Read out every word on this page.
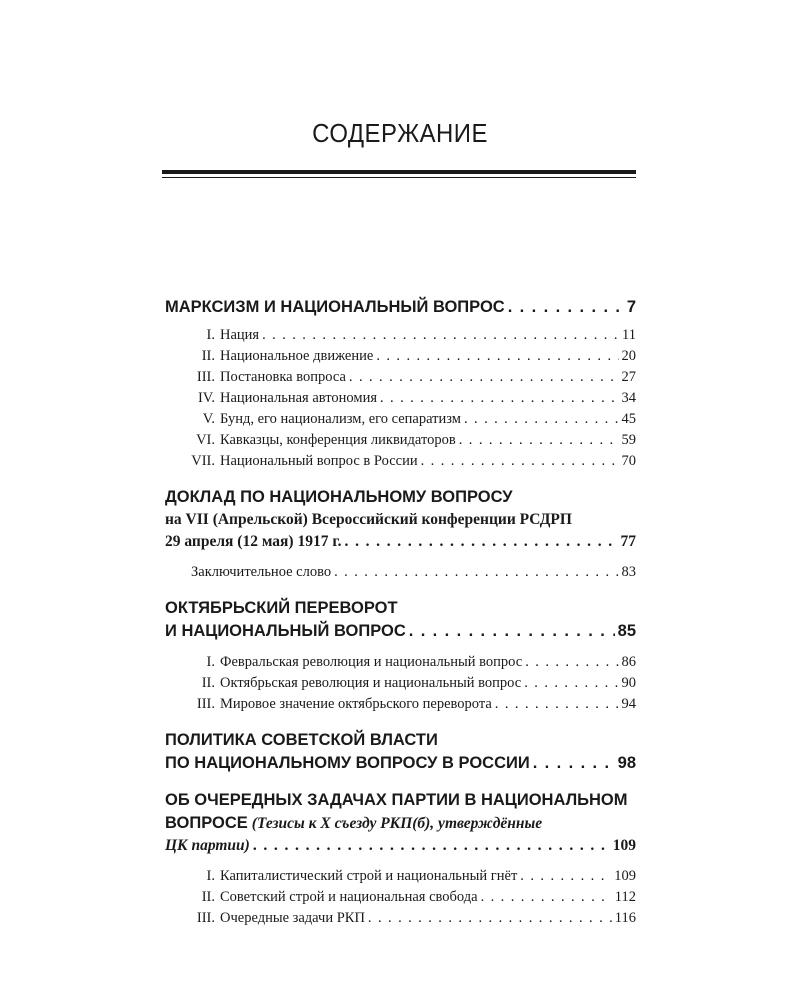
СОДЕРЖАНИЕ
МАРКСИЗМ И НАЦИОНАЛЬНЫЙ ВОПРОС . . .	7
I. Нация . . .	11
II. Национальное движение . . .	20
III. Постановка вопроса . . .	27
IV. Национальная автономия . . .	34
V. Бунд, его национализм, его сепаратизм . . .	45
VI. Кавказцы, конференция ликвидаторов . . .	59
VII. Национальный вопрос в России . . .	70
ДОКЛАД ПО НАЦИОНАЛЬНОМУ ВОПРОСУ
на VII (Апрельской) Всероссийский конференции РСДРП
29 апреля (12 мая) 1917 г. . . .	77
Заключительное слово . . .	83
ОКТЯБРЬСКИЙ ПЕРЕВОРОТ
И НАЦИОНАЛЬНЫЙ ВОПРОС . . .	85
I. Февральская революция и национальный вопрос . . .	86
II. Октябрьская революция и национальный вопрос . . .	90
III. Мировое значение октябрьского переворота . . .	94
ПОЛИТИКА СОВЕТСКОЙ ВЛАСТИ
ПО НАЦИОНАЛЬНОМУ ВОПРОСУ В РОССИИ . . .	98
ОБ ОЧЕРЕДНЫХ ЗАДАЧАХ ПАРТИИ В НАЦИОНАЛЬНОМ
ВОПРОСЕ (Тезисы к X съезду РКП(б), утверждённые
ЦК партии) . . .	109
I. Капиталистический строй и национальный гнёт . . .	109
II. Советский строй и национальная свобода . . .	112
III. Очередные задачи РКП . . .	116
